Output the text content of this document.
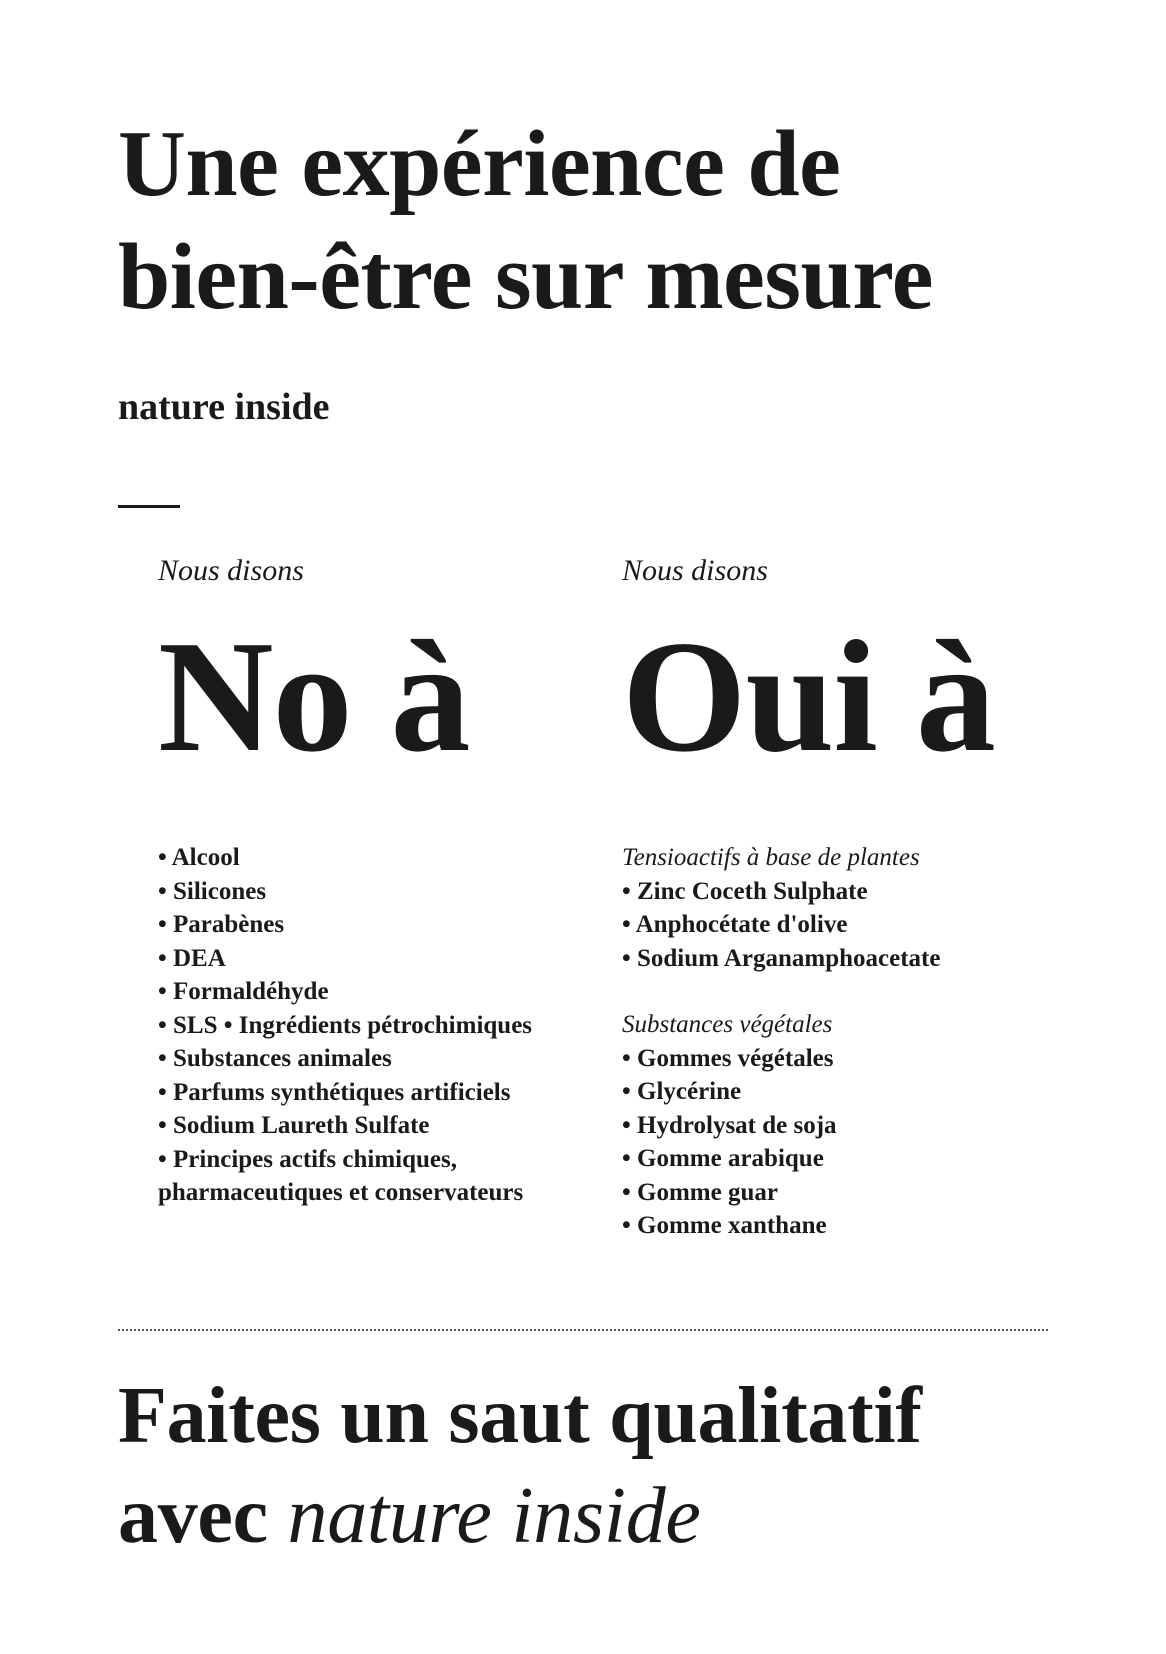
Une expérience de
bien-être sur mesure

nature inside

Nous disons

No à

• Alcool
• Silicones
• Parabènes
• DEA
• Formaldéhyde
• SLS • Ingrédients pétrochimiques
• Substances animales
• Parfums synthétiques artificiels
• Sodium Laureth Sulfate
• Principes actifs chimiques, pharmaceutiques et conservateurs

Nous disons

Oui à

Tensioactifs à base de plantes

• Zinc Coceth Sulphate
• Anphocétate d'olive
• Sodium Arganamphoacetate

Substances végétales

• Gommes végétales
• Glycérine
• Hydrolysat de soja
• Gomme arabique
• Gomme guar
• Gomme xanthane
Faites un saut qualitatif
avec nature inside
